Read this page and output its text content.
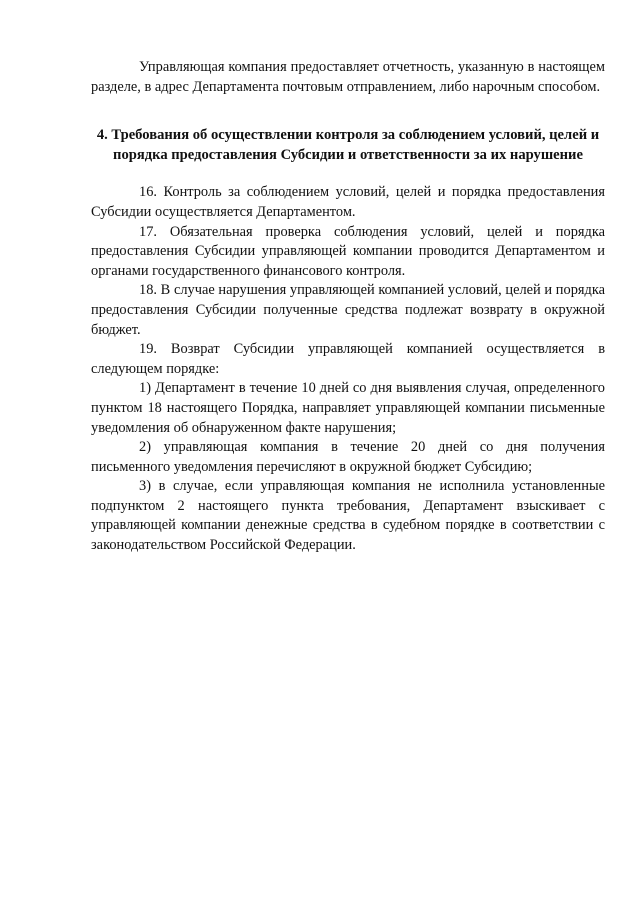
Управляющая компания предоставляет отчетность, указанную в настоящем разделе, в адрес Департамента почтовым отправлением, либо нарочным способом.

4. Требования об осуществлении контроля за соблюдением условий, целей и порядка предоставления Субсидии и ответственности за их нарушение

16. Контроль за соблюдением условий, целей и порядка предоставления Субсидии осуществляется Департаментом.

17. Обязательная проверка соблюдения условий, целей и порядка предоставления Субсидии управляющей компании проводится Департаментом и органами государственного финансового контроля.

18. В случае нарушения управляющей компанией условий, целей и порядка предоставления Субсидии полученные средства подлежат возврату в окружной бюджет.

19. Возврат Субсидии управляющей компанией осуществляется в следующем порядке:

1) Департамент в течение 10 дней со дня выявления случая, определенного пунктом 18 настоящего Порядка, направляет управляющей компании письменные уведомления об обнаруженном факте нарушения;

2) управляющая компания в течение 20 дней со дня получения письменного уведомления перечисляют в окружной бюджет Субсидию;

3) в случае, если управляющая компания не исполнила установленные подпунктом 2 настоящего пункта требования, Департамент взыскивает с управляющей компании денежные средства в судебном порядке в соответствии с законодательством Российской Федерации.
